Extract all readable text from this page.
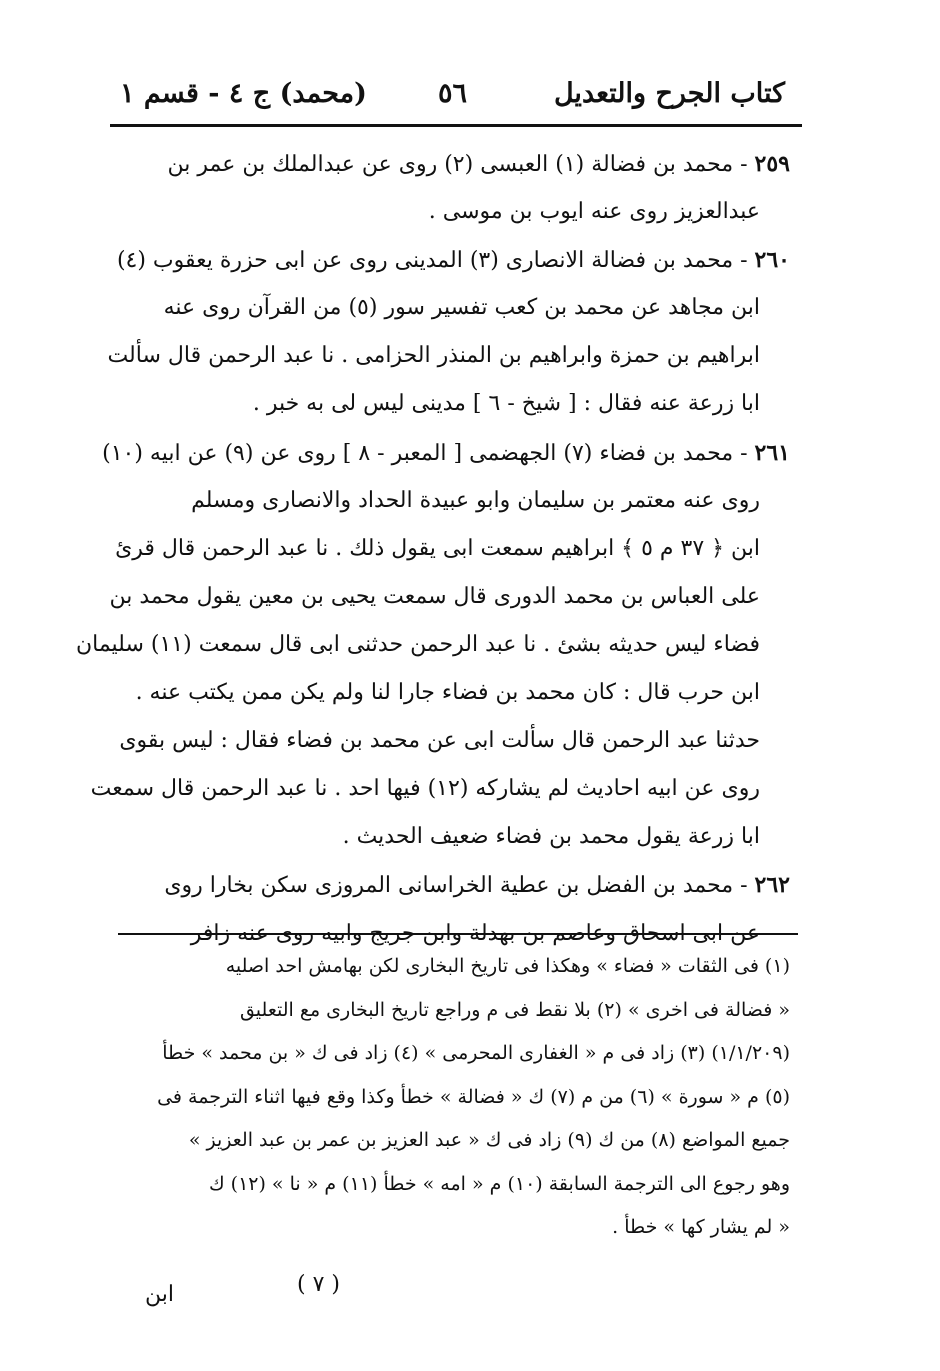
كتاب الجرح والتعديل
٥٦
(محمد) ج ٤ - قسم ١
٢٥٩ - محمد بن فضالة (١) العبسى (٢) روى عن عبدالملك بن عمر بن
عبدالعزيز روى عنه ايوب بن موسى .
٢٦٠ - محمد بن فضالة الانصارى (٣) المدينى روى عن ابى حزرة يعقوب (٤)
ابن مجاهد عن محمد بن كعب تفسير سور (٥) من القرآن روى عنه
ابراهيم بن حمزة وابراهيم بن المنذر الحزامى . نا عبد الرحمن قال سألت
ابا زرعة عنه فقال : [ شيخ - ٦ ] مدينى ليس لى به خبر .
٢٦١ - محمد بن فضاء (٧) الجهضمى [ المعبر - ٨ ] روى عن (٩) عن ابيه (١٠)
روى عنه معتمر بن سليمان وابو عبيدة الحداد والانصارى ومسلم
ابن ﴿ ٣٧ م ٥ ﴾ ابراهيم سمعت ابى يقول ذلك . نا عبد الرحمن قال قرئ
على العباس بن محمد الدورى قال سمعت يحيى بن معين يقول محمد بن
فضاء ليس حديثه بشئ . نا عبد الرحمن حدثنى ابى قال سمعت (١١) سليمان
ابن حرب قال : كان محمد بن فضاء جارا لنا ولم يكن ممن يكتب عنه .
حدثنا عبد الرحمن قال سألت ابى عن محمد بن فضاء فقال : ليس بقوى
روى عن ابيه احاديث لم يشاركه (١٢) فيها احد . نا عبد الرحمن قال سمعت
ابا زرعة يقول محمد بن فضاء ضعيف الحديث .
٢٦٢ - محمد بن الفضل بن عطية الخراسانى المروزى سكن بخارا روى
عن ابى اسحاق وعاصم بن بهدلة وابن جريج وابيه روى عنه زافر
(١) فى الثقات « فضاء » وهكذا فى تاريخ البخارى لكن بهامش احد اصليه
« فضالة فى اخرى » (٢) بلا نقط فى م وراجع تاريخ البخارى مع التعليق
(١/١/٢٠٩) (٣) زاد فى م « الغفارى المحرمى » (٤) زاد فى ك « بن محمد » خطأ
(٥) م « سورة » (٦) من م (٧) ك « فضالة » خطأ وكذا وقع فيها اثناء الترجمة فى
جميع المواضع (٨) من ك (٩) زاد فى ك « عبد العزيز بن عمر بن عبد العزيز »
وهو رجوع الى الترجمة السابقة (١٠) م « امه » خطأ (١١) م « نا » (١٢) ك
« لم يشار كها » خطأ .
( ٧ )
ابن
